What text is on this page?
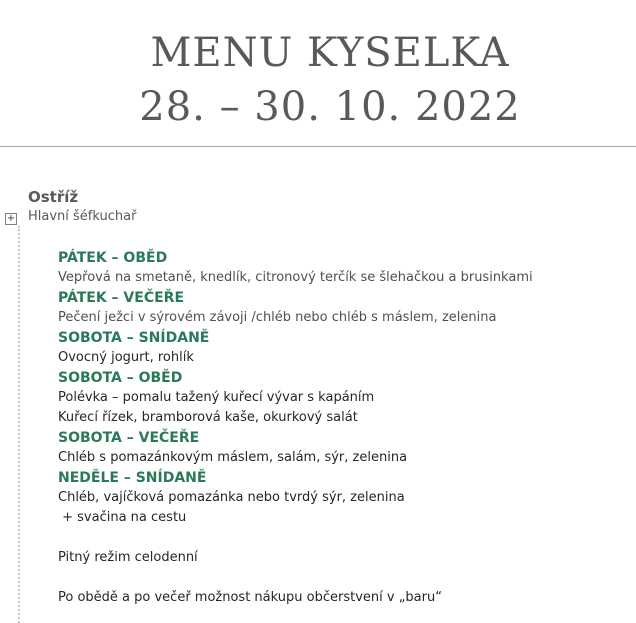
MENU KYSELKA
28. – 30. 10. 2022
Ostříž
+ Hlavní šéfkuchař
PÁTEK – OBĚD
Vepřová na smetaně, knedlík, citronový terčík se šlehačkou a brusinkami
PÁTEK – VEČEŘE
Pečení ježci v sýrovém závoji /chléb nebo chléb s máslem, zelenina
SOBOTA – SNÍDANĚ
Ovocný jogurt, rohlík
SOBOTA – OBĚD
Polévka – pomalu tažený kuřecí vývar s kapáním
Kuřecí řízek, bramborová kaše, okurkový salát
SOBOTA – VEČEŘE
Chléb s pomazánkovým máslem, salám, sýr, zelenina
NEDĚLE – SNÍDANĚ
Chléb, vajíčková pomazánka nebo tvrdý sýr, zelenina
+ svačina na cestu
Pitný režim celodenní
Po obědě a po večeř možnost nákupu občerstvení v „baru“
